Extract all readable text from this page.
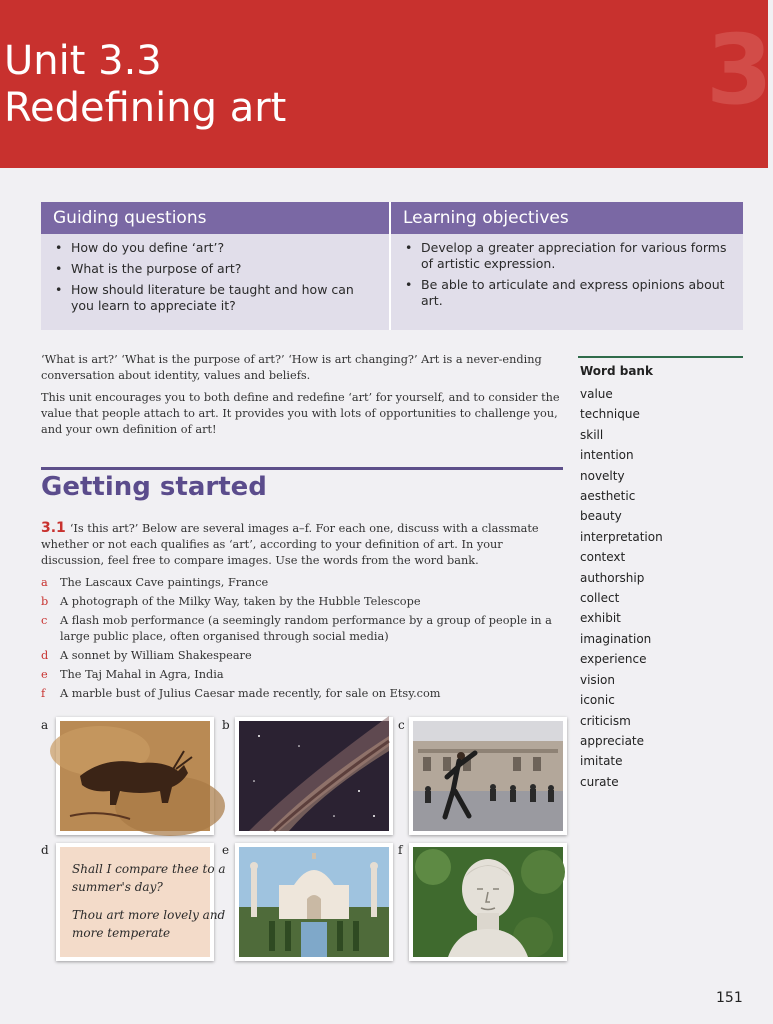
Unit 3.3
Redefining art	3
Guiding questions	Learning objectives
• How do you define ‘art’?
• What is the purpose of art?
• How should literature be taught and how can you learn to appreciate it?
• Develop a greater appreciation for various forms of artistic expression.
• Be able to articulate and express opinions about art.

‘What is art?’ ‘What is the purpose of art?’ ‘How is art changing?’ Art is a never-ending conversation about identity, values and beliefs.

This unit encourages you to both define and redefine ‘art’ for yourself, and to consider the value that people attach to art. It provides you with lots of opportunities to challenge you, and your own definition of art!

Word bank
value
technique
skill
intention
novelty
aesthetic
beauty
interpretation
context
authorship
collect
exhibit
imagination
experience
vision
iconic
criticism
appreciate
imitate
curate
Getting started

3.1 ‘Is this art?’ Below are several images a–f. For each one, discuss with a classmate whether or not each qualifies as ‘art’, according to your definition of art. In your discussion, feel free to compare images. Use the words from the word bank.

a The Lascaux Cave paintings, France
b A photograph of the Milky Way, taken by the Hubble Telescope
c A flash mob performance (a seemingly random performance by a group of people in a large public place, often organised through social media)
d A sonnet by William Shakespeare
e The Taj Mahal in Agra, India
f A marble bust of Julius Caesar made recently, for sale on Etsy.com
a	b	c
d	e	f
Shall I compare thee to a
summer's day?
Thou art more lovely and
more temperate
151
